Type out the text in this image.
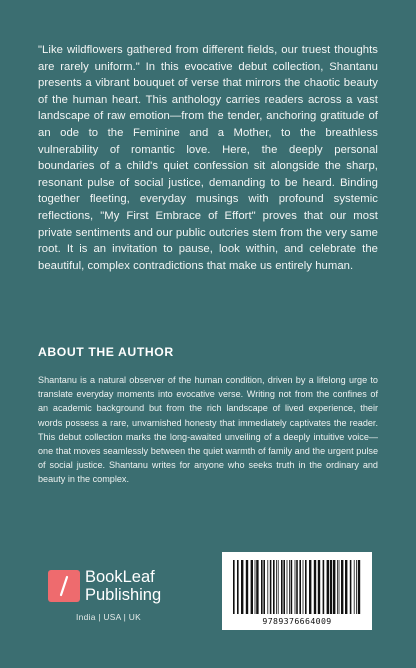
"Like wildflowers gathered from different fields, our truest thoughts are rarely uniform." In this evocative debut collection, Shantanu presents a vibrant bouquet of verse that mirrors the chaotic beauty of the human heart. This anthology carries readers across a vast landscape of raw emotion—from the tender, anchoring gratitude of an ode to the Feminine and a Mother, to the breathless vulnerability of romantic love. Here, the deeply personal boundaries of a child's quiet confession sit alongside the sharp, resonant pulse of social justice, demanding to be heard. Binding together fleeting, everyday musings with profound systemic reflections, "My First Embrace of Effort" proves that our most private sentiments and our public outcries stem from the very same root. It is an invitation to pause, look within, and celebrate the beautiful, complex contradictions that make us entirely human.

ABOUT THE AUTHOR

Shantanu is a natural observer of the human condition, driven by a lifelong urge to translate everyday moments into evocative verse. Writing not from the confines of an academic background but from the rich landscape of lived experience, their words possess a rare, unvarnished honesty that immediately captivates the reader. This debut collection marks the long-awaited unveiling of a deeply intuitive voice—one that moves seamlessly between the quiet warmth of family and the urgent pulse of social justice. Shantanu writes for anyone who seeks truth in the ordinary and beauty in the complex.

BookLeaf
Publishing
India | USA | UK	9789376664009
